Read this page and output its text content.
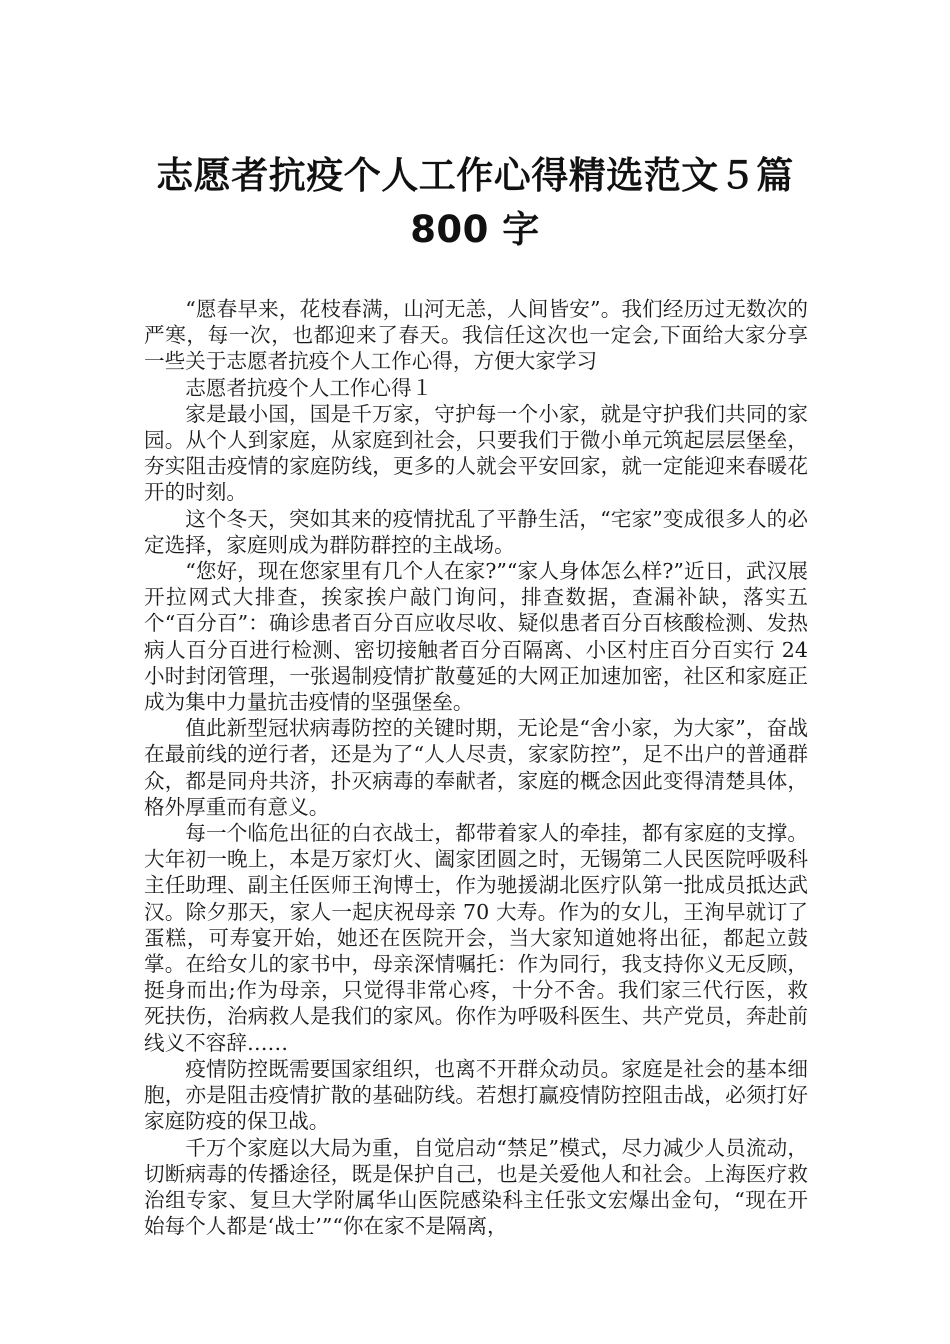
志愿者抗疫个人工作心得精选范文５篇
800 字

“愿春早来，花枝春满，山河无恙，人间皆安”。我们经历过无数次的严寒，每一次，也都迎来了春天。我信任这次也一定会,下面给大家分享一些关于志愿者抗疫个人工作心得，方便大家学习

志愿者抗疫个人工作心得１

家是最小国，国是千万家，守护每一个小家，就是守护我们共同的家园。从个人到家庭，从家庭到社会，只要我们于微小单元筑起层层堡垒，夯实阻击疫情的家庭防线，更多的人就会平安回家，就一定能迎来春暖花开的时刻。

这个冬天，突如其来的疫情扰乱了平静生活，“宅家”变成很多人的必定选择，家庭则成为群防群控的主战场。

“您好，现在您家里有几个人在家?”“家人身体怎么样?”近日，武汉展开拉网式大排查，挨家挨户敲门询问，排查数据，查漏补缺，落实五个“百分百”：确诊患者百分百应收尽收、疑似患者百分百核酸检测、发热病人百分百进行检测、密切接触者百分百隔离、小区村庄百分百实行 24 小时封闭管理，一张遏制疫情扩散蔓延的大网正加速加密，社区和家庭正成为集中力量抗击疫情的坚强堡垒。

值此新型冠状病毒防控的关键时期，无论是“舍小家，为大家”，奋战在最前线的逆行者，还是为了“人人尽责，家家防控”，足不出户的普通群众，都是同舟共济，扑灭病毒的奉献者，家庭的概念因此变得清楚具体，格外厚重而有意义。

每一个临危出征的白衣战士，都带着家人的牵挂，都有家庭的支撑。大年初一晚上，本是万家灯火、阖家团圆之时，无锡第二人民医院呼吸科主任助理、副主任医师王洵博士，作为驰援湖北医疗队第一批成员抵达武汉。除夕那天，家人一起庆祝母亲 70 大寿。作为的女儿，王洵早就订了蛋糕，可寿宴开始，她还在医院开会，当大家知道她将出征，都起立鼓掌。在给女儿的家书中，母亲深情嘱托：作为同行，我支持你义无反顾，挺身而出;作为母亲，只觉得非常心疼，十分不舍。我们家三代行医，救死扶伤，治病救人是我们的家风。你作为呼吸科医生、共产党员，奔赴前线义不容辞……

疫情防控既需要国家组织，也离不开群众动员。家庭是社会的基本细胞，亦是阻击疫情扩散的基础防线。若想打赢疫情防控阻击战，必须打好家庭防疫的保卫战。

千万个家庭以大局为重，自觉启动“禁足”模式，尽力减少人员流动，切断病毒的传播途径，既是保护自己，也是关爱他人和社会。上海医疗救治组专家、复旦大学附属华山医院感染科主任张文宏爆出金句，“现在开始每个人都是‘战士’”“你在家不是隔离，
